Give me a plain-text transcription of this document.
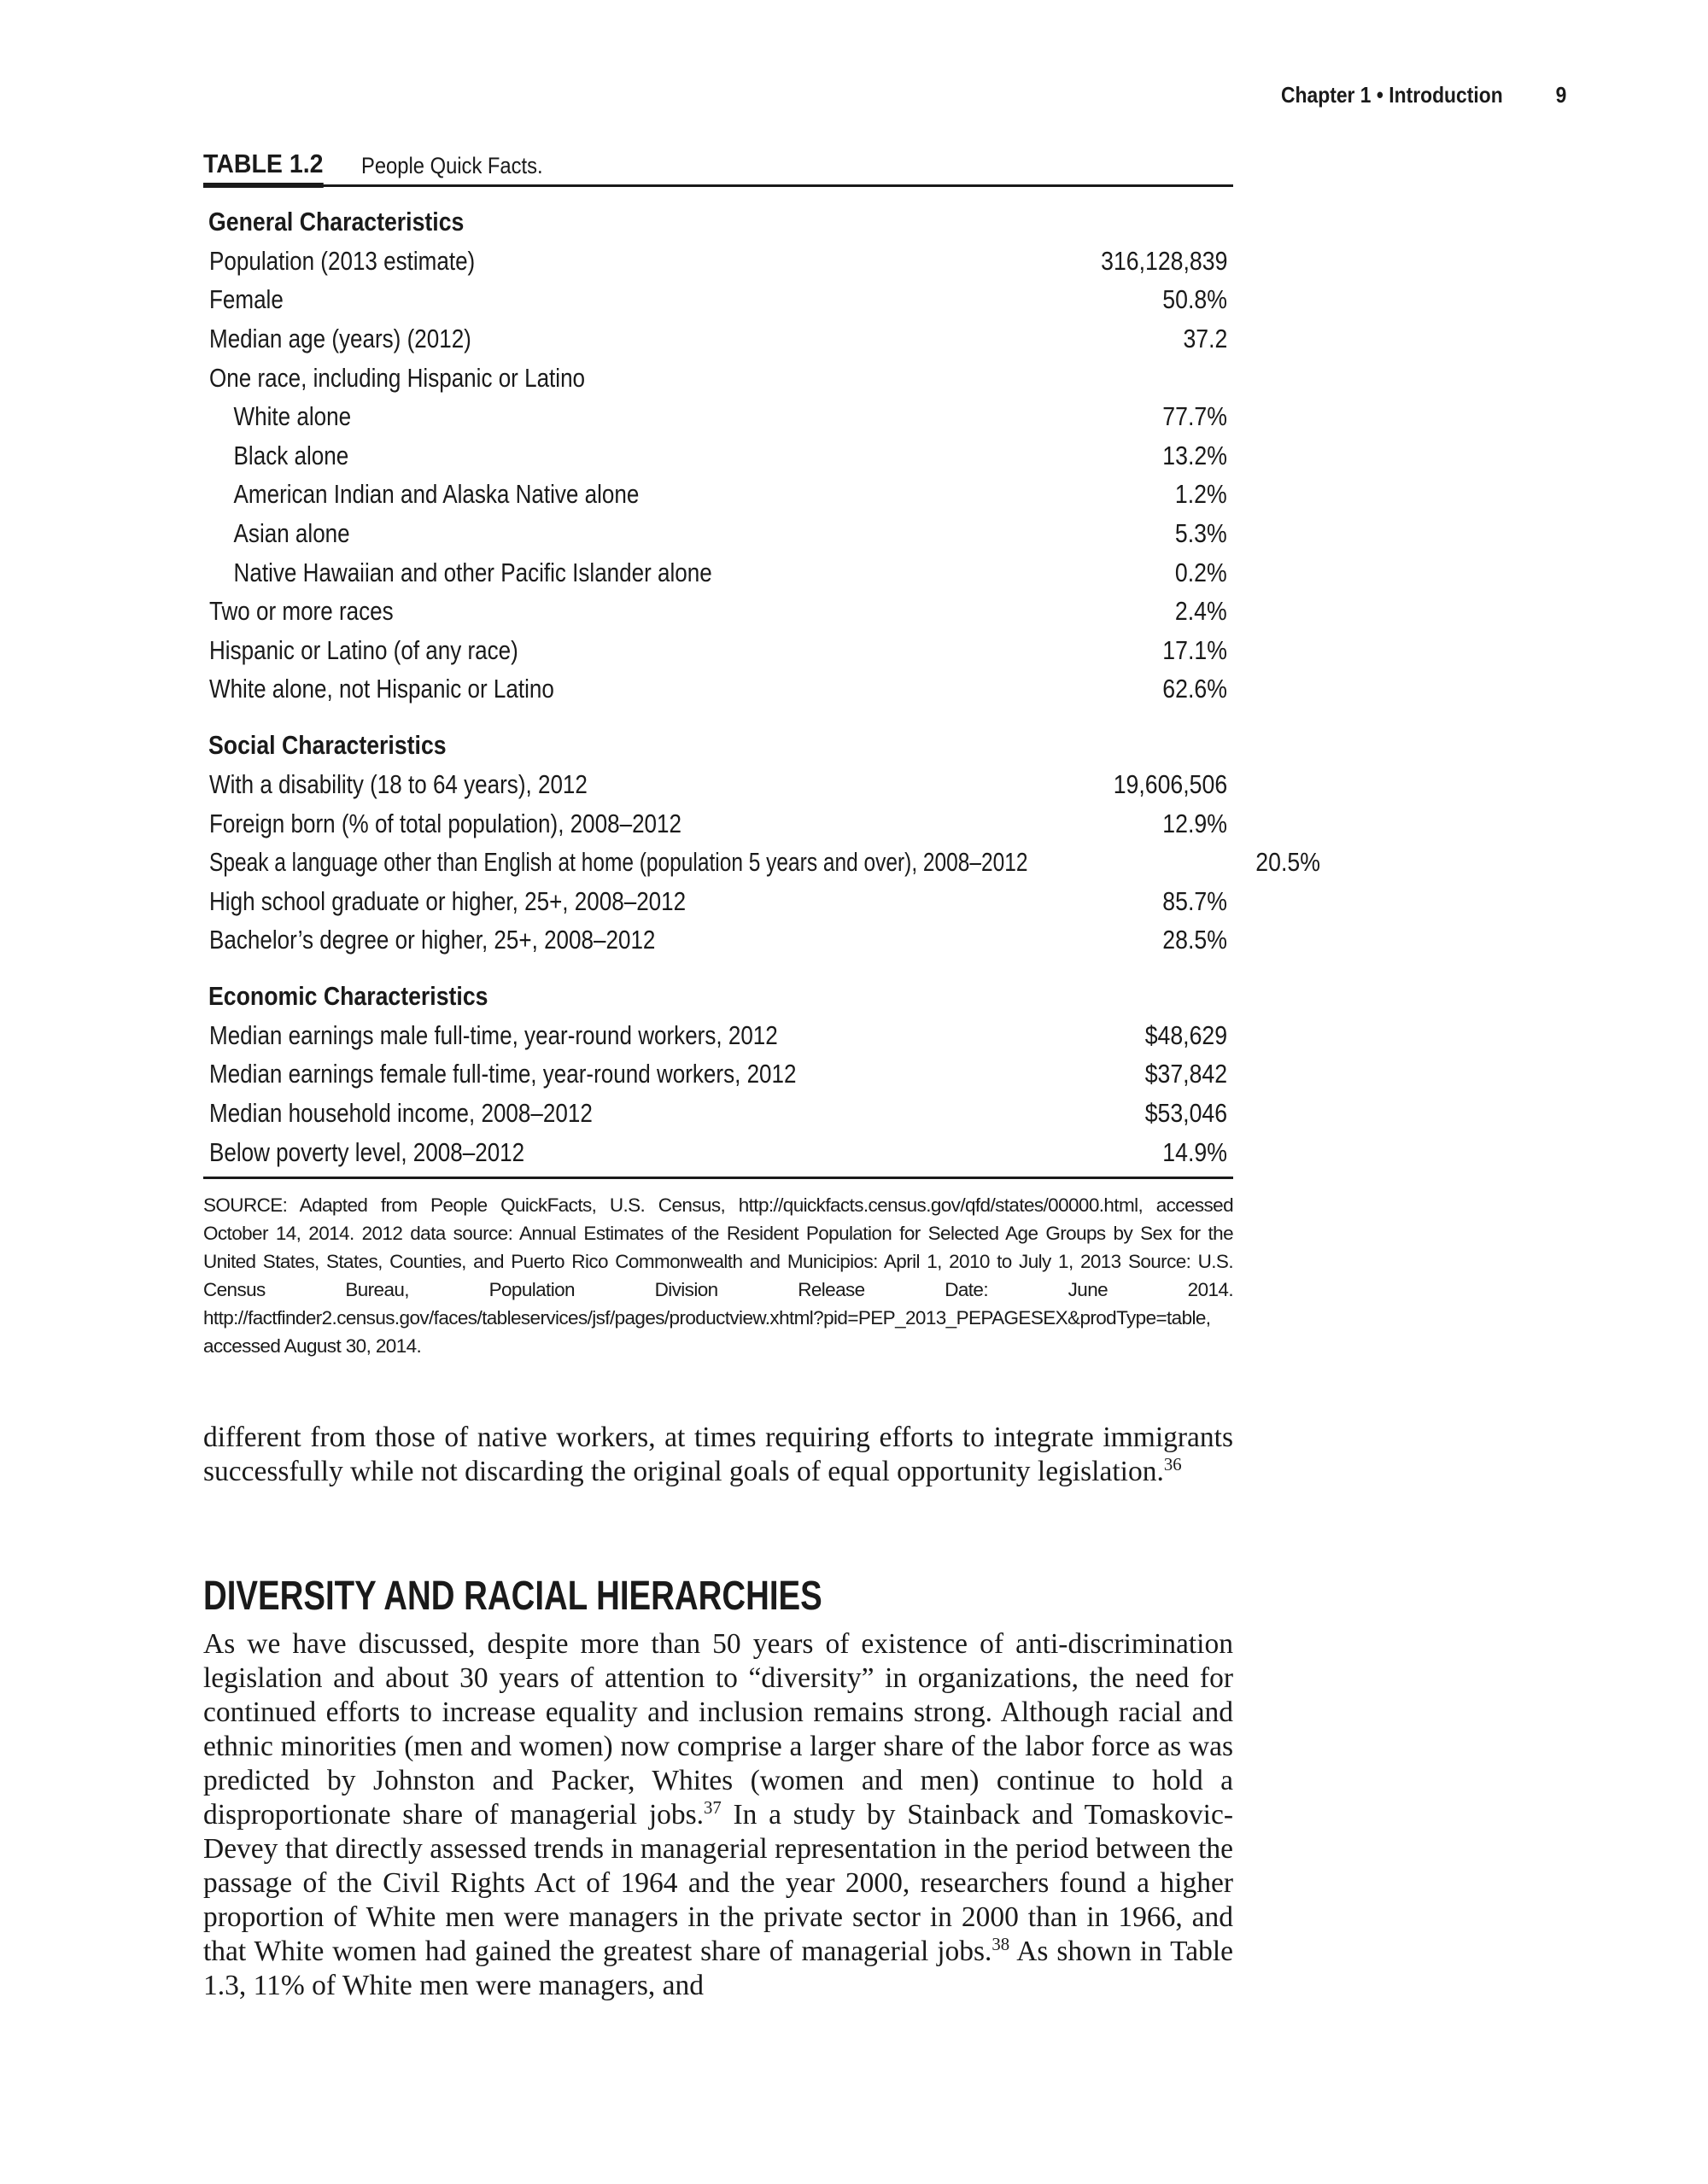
Chapter 1 • Introduction 9
TABLE 1.2 People Quick Facts.
General Characteristics
Population (2013 estimate)	316,128,839
Female	50.8%
Median age (years) (2012)	37.2
One race, including Hispanic or Latino
White alone	77.7%
Black alone	13.2%
American Indian and Alaska Native alone	1.2%
Asian alone	5.3%
Native Hawaiian and other Pacific Islander alone	0.2%
Two or more races	2.4%
Hispanic or Latino (of any race)	17.1%
White alone, not Hispanic or Latino	62.6%
Social Characteristics
With a disability (18 to 64 years), 2012	19,606,506
Foreign born (% of total population), 2008–2012	12.9%
Speak a language other than English at home (population 5 years and over), 2008–2012	20.5%
High school graduate or higher, 25+, 2008–2012	85.7%
Bachelor’s degree or higher, 25+, 2008–2012	28.5%
Economic Characteristics
Median earnings male full-time, year-round workers, 2012	$48,629
Median earnings female full-time, year-round workers, 2012	$37,842
Median household income, 2008–2012	$53,046
Below poverty level, 2008–2012	14.9%
SOURCE: Adapted from People QuickFacts, U.S. Census, http://quickfacts.census.gov/qfd/states/00000.html, accessed October 14, 2014. 2012 data source: Annual Estimates of the Resident Population for Selected Age Groups by Sex for the United States, States, Counties, and Puerto Rico Commonwealth and Municipios: April 1, 2010 to July 1, 2013 Source: U.S. Census Bureau, Population Division Release Date: June 2014. http://factfinder2.census.gov/faces/tableservices/jsf/pages/productview.xhtml?pid=PEP_2013_PEPAGESEX&prodType=table, accessed August 30, 2014.

different from those of native workers, at times requiring efforts to integrate immigrants successfully while not discarding the original goals of equal opportunity legislation.$^{36}$

DIVERSITY AND RACIAL HIERARCHIES

As we have discussed, despite more than 50 years of existence of anti-discrimination legislation and about 30 years of attention to “diversity” in organizations, the need for continued efforts to increase equality and inclusion remains strong. Although racial and ethnic minorities (men and women) now comprise a larger share of the labor force as was predicted by Johnston and Packer, Whites (women and men) continue to hold a disproportionate share of managerial jobs.$^{37}$ In a study by Stainback and Tomaskovic-Devey that directly assessed trends in managerial representation in the period between the passage of the Civil Rights Act of 1964 and the year 2000, researchers found a higher proportion of White men were managers in the private sector in 2000 than in 1966, and that White women had gained the greatest share of managerial jobs.$^{38}$ As shown in Table 1.3, 11% of White men were managers, and
